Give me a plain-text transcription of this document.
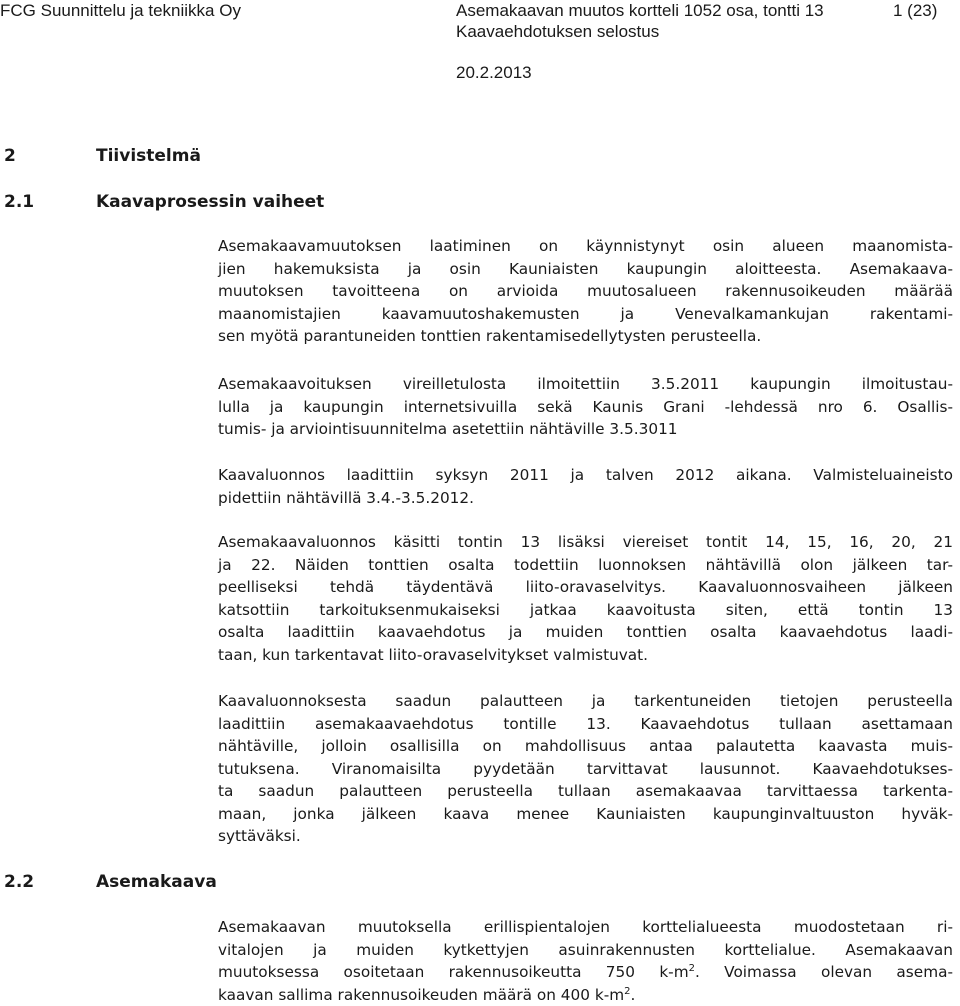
FCG Suunnittelu ja tekniikka Oy	Asemakaavan muutos kortteli 1052 osa, tontti 13	1 (23)
Kaavaehdotuksen selostus
20.2.2013
2	Tiivistelmä
2.1	Kaavaprosessin vaiheet
2.2	Asemakaava
Asemakaavamuutoksen laatiminen on käynnistynyt osin alueen maanomista-
jien hakemuksista ja osin Kauniaisten kaupungin aloitteesta. Asemakaava-
muutoksen tavoitteena on arvioida muutosalueen rakennusoikeuden määrää
maanomistajien kaavamuutoshakemusten ja Venevalkamankujan rakentami-
sen myötä parantuneiden tonttien rakentamisedellytysten perusteella.
Asemakaavoituksen vireilletulosta ilmoitettiin 3.5.2011 kaupungin ilmoitustau-
lulla ja kaupungin internetsivuilla sekä Kaunis Grani -lehdessä nro 6. Osallis-
tumis- ja arviointisuunnitelma asetettiin nähtäville 3.5.3011
Kaavaluonnos laadittiin syksyn 2011 ja talven 2012 aikana. Valmisteluaineisto
pidettiin nähtävillä 3.4.-3.5.2012.
Asemakaavaluonnos käsitti tontin 13 lisäksi viereiset tontit 14, 15, 16, 20, 21
ja 22. Näiden tonttien osalta todettiin luonnoksen nähtävillä olon jälkeen tar-
peelliseksi tehdä täydentävä liito-oravaselvitys. Kaavaluonnosvaiheen jälkeen
katsottiin tarkoituksenmukaiseksi jatkaa kaavoitusta siten, että tontin 13
osalta laadittiin kaavaehdotus ja muiden tonttien osalta kaavaehdotus laadi-
taan, kun tarkentavat liito-oravaselvitykset valmistuvat.
Kaavaluonnoksesta saadun palautteen ja tarkentuneiden tietojen perusteella
laadittiin asemakaavaehdotus tontille 13. Kaavaehdotus tullaan asettamaan
nähtäville, jolloin osallisilla on mahdollisuus antaa palautetta kaavasta muis-
tutuksena. Viranomaisilta pyydetään tarvittavat lausunnot. Kaavaehdotukses-
ta saadun palautteen perusteella tullaan asemakaavaa tarvittaessa tarkenta-
maan, jonka jälkeen kaava menee Kauniaisten kaupunginvaltuuston hyväk-
syttäväksi.
Asemakaavan muutoksella erillispientalojen korttelialueesta muodostetaan ri-
vitalojen ja muiden kytkettyjen asuinrakennusten korttelialue. Asemakaavan
muutoksessa osoitetaan rakennusoikeutta 750 $k-m^2$. Voimassa olevan asema-
kaavan sallima rakennusoikeuden määrä on 400 $k-m^2$.
